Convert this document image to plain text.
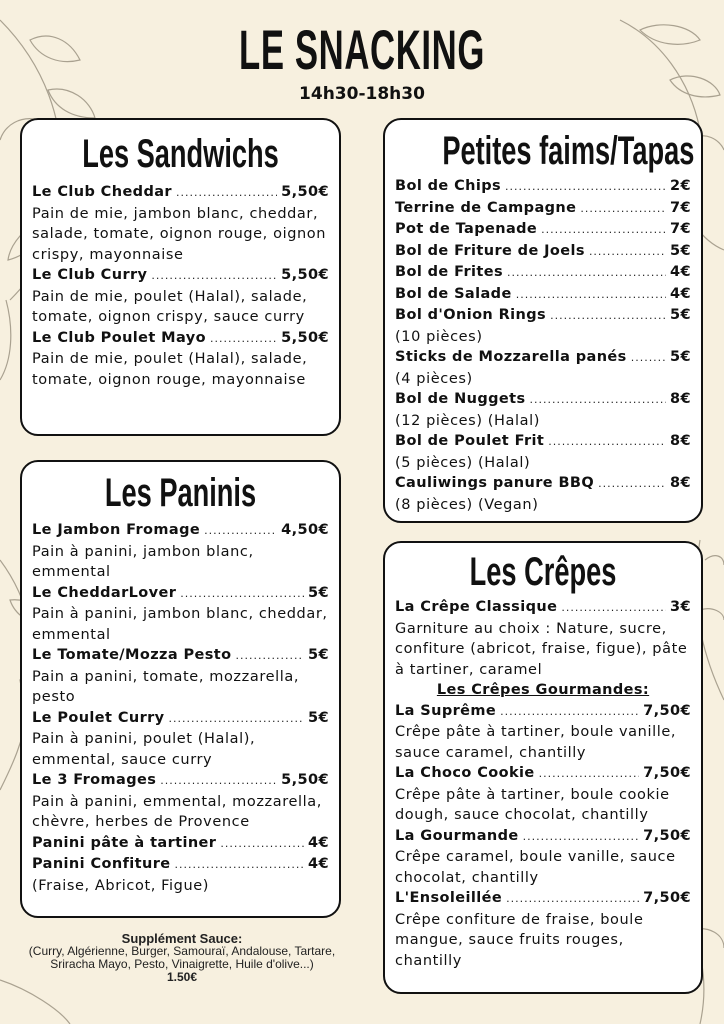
LE SNACKING
14h30-18h30
Les Sandwichs
Le Club Cheddar .....	5,50€
Pain de mie, jambon blanc, cheddar, salade, tomate, oignon rouge, oignon crispy, mayonnaise
Le Club Curry .....	5,50€
Pain de mie, poulet (Halal), salade, tomate, oignon crispy, sauce curry
Le Club Poulet Mayo .....	5,50€
Pain de mie, poulet (Halal), salade, tomate, oignon rouge, mayonnaise
Les Paninis
Le Jambon Fromage .....	4,50€
Pain à panini, jambon blanc, emmental
Le CheddarLover .....	5€
Pain à panini, jambon blanc, cheddar, emmental
Le Tomate/Mozza Pesto .....	5€
Pain a panini, tomate, mozzarella, pesto
Le Poulet Curry .....	5€
Pain à panini, poulet (Halal), emmental, sauce curry
Le 3 Fromages .....	5,50€
Pain à panini, emmental, mozzarella, chèvre, herbes de Provence
Panini pâte à tartiner .....	4€
Panini Confiture .....	4€
(Fraise, Abricot, Figue)
Supplément Sauce:
(Curry, Algérienne, Burger, Samouraï, Andalouse, Tartare, Sriracha Mayo, Pesto, Vinaigrette, Huile d'olive...)
1.50€
Petites faims/Tapas
Bol de Chips .....	2€
Terrine de Campagne .....	7€
Pot de Tapenade .....	7€
Bol de Friture de Joels .....	5€
Bol de Frites .....	4€
Bol de Salade .....	4€
Bol d'Onion Rings .....	5€
(10 pièces)
Sticks de Mozzarella panés .....	5€
(4 pièces)
Bol de Nuggets .....	8€
(12 pièces) (Halal)
Bol de Poulet Frit .....	8€
(5 pièces) (Halal)
Cauliwings panure BBQ .....	8€
(8 pièces) (Vegan)
Les Crêpes
La Crêpe Classique .....	3€
Garniture au choix : Nature, sucre, confiture (abricot, fraise, figue), pâte à tartiner, caramel
Les Crêpes Gourmandes:
La Suprême .....	7,50€
Crêpe pâte à tartiner, boule vanille, sauce caramel, chantilly
La Choco Cookie .....	7,50€
Crêpe pâte à tartiner, boule cookie dough, sauce chocolat, chantilly
La Gourmande .....	7,50€
Crêpe caramel, boule vanille, sauce chocolat, chantilly
L'Ensoleillée .....	7,50€
Crêpe confiture de fraise, boule mangue, sauce fruits rouges, chantilly
